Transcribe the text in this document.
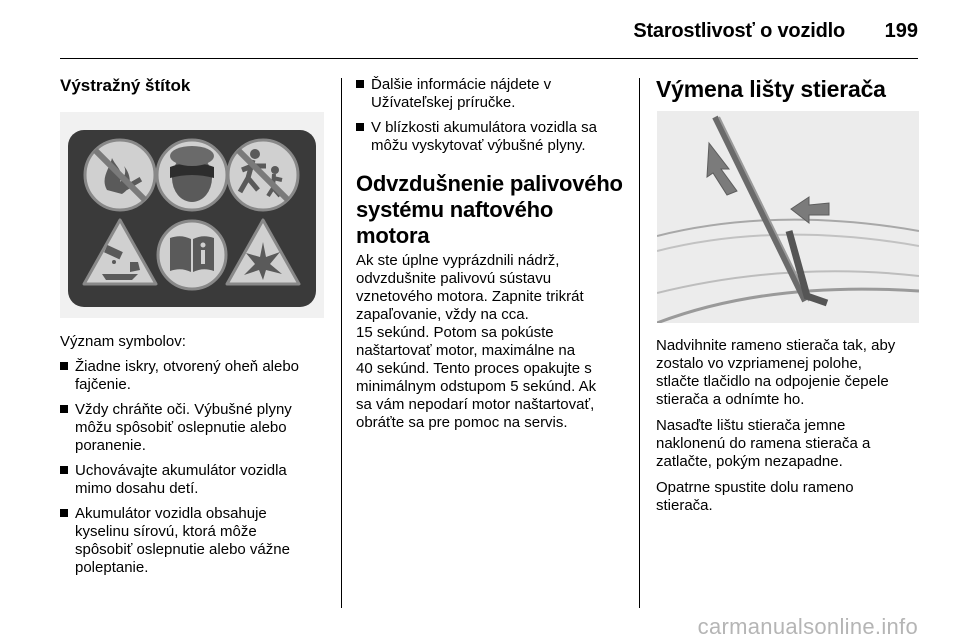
Starostlivosť o vozidlo	199
Výstražný štítok

Význam symbolov:

Žiadne iskry, otvorený oheň alebo
fajčenie.
Vždy chráňte oči. Výbušné plyny
môžu spôsobiť oslepnutie alebo
poranenie.
Uchovávajte akumulátor vozidla
mimo dosahu detí.
Akumulátor vozidla obsahuje
kyselinu sírovú, ktorá môže
spôsobiť oslepnutie alebo vážne
poleptanie.
Ďalšie informácie nájdete v
Užívateľskej príručke.
V blízkosti akumulátora vozidla sa
môžu vyskytovať výbušné plyny.
Odvzdušnenie palivového
systému naftového motora

Ak ste úplne vyprázdnili nádrž,
odvzdušnite palivovú sústavu
vznetového motora. Zapnite trikrát
zapaľovanie, vždy na cca.
15 sekúnd. Potom sa pokúste
naštartovať motor, maximálne na
40 sekúnd. Tento proces opakujte s
minimálnym odstupom 5 sekúnd. Ak
sa vám nepodarí motor naštartovať,
obráťte sa pre pomoc na servis.

Výmena lišty stierača

Nadvihnite rameno stierača tak, aby
zostalo vo vzpriamenej polohe,
stlačte tlačidlo na odpojenie čepele
stierača a odnímte ho.

Nasaďte lištu stierača jemne
naklonenú do ramena stierača a
zatlačte, pokým nezapadne.

Opatrne spustite dolu rameno
stierača.

carmanualsonline.info
